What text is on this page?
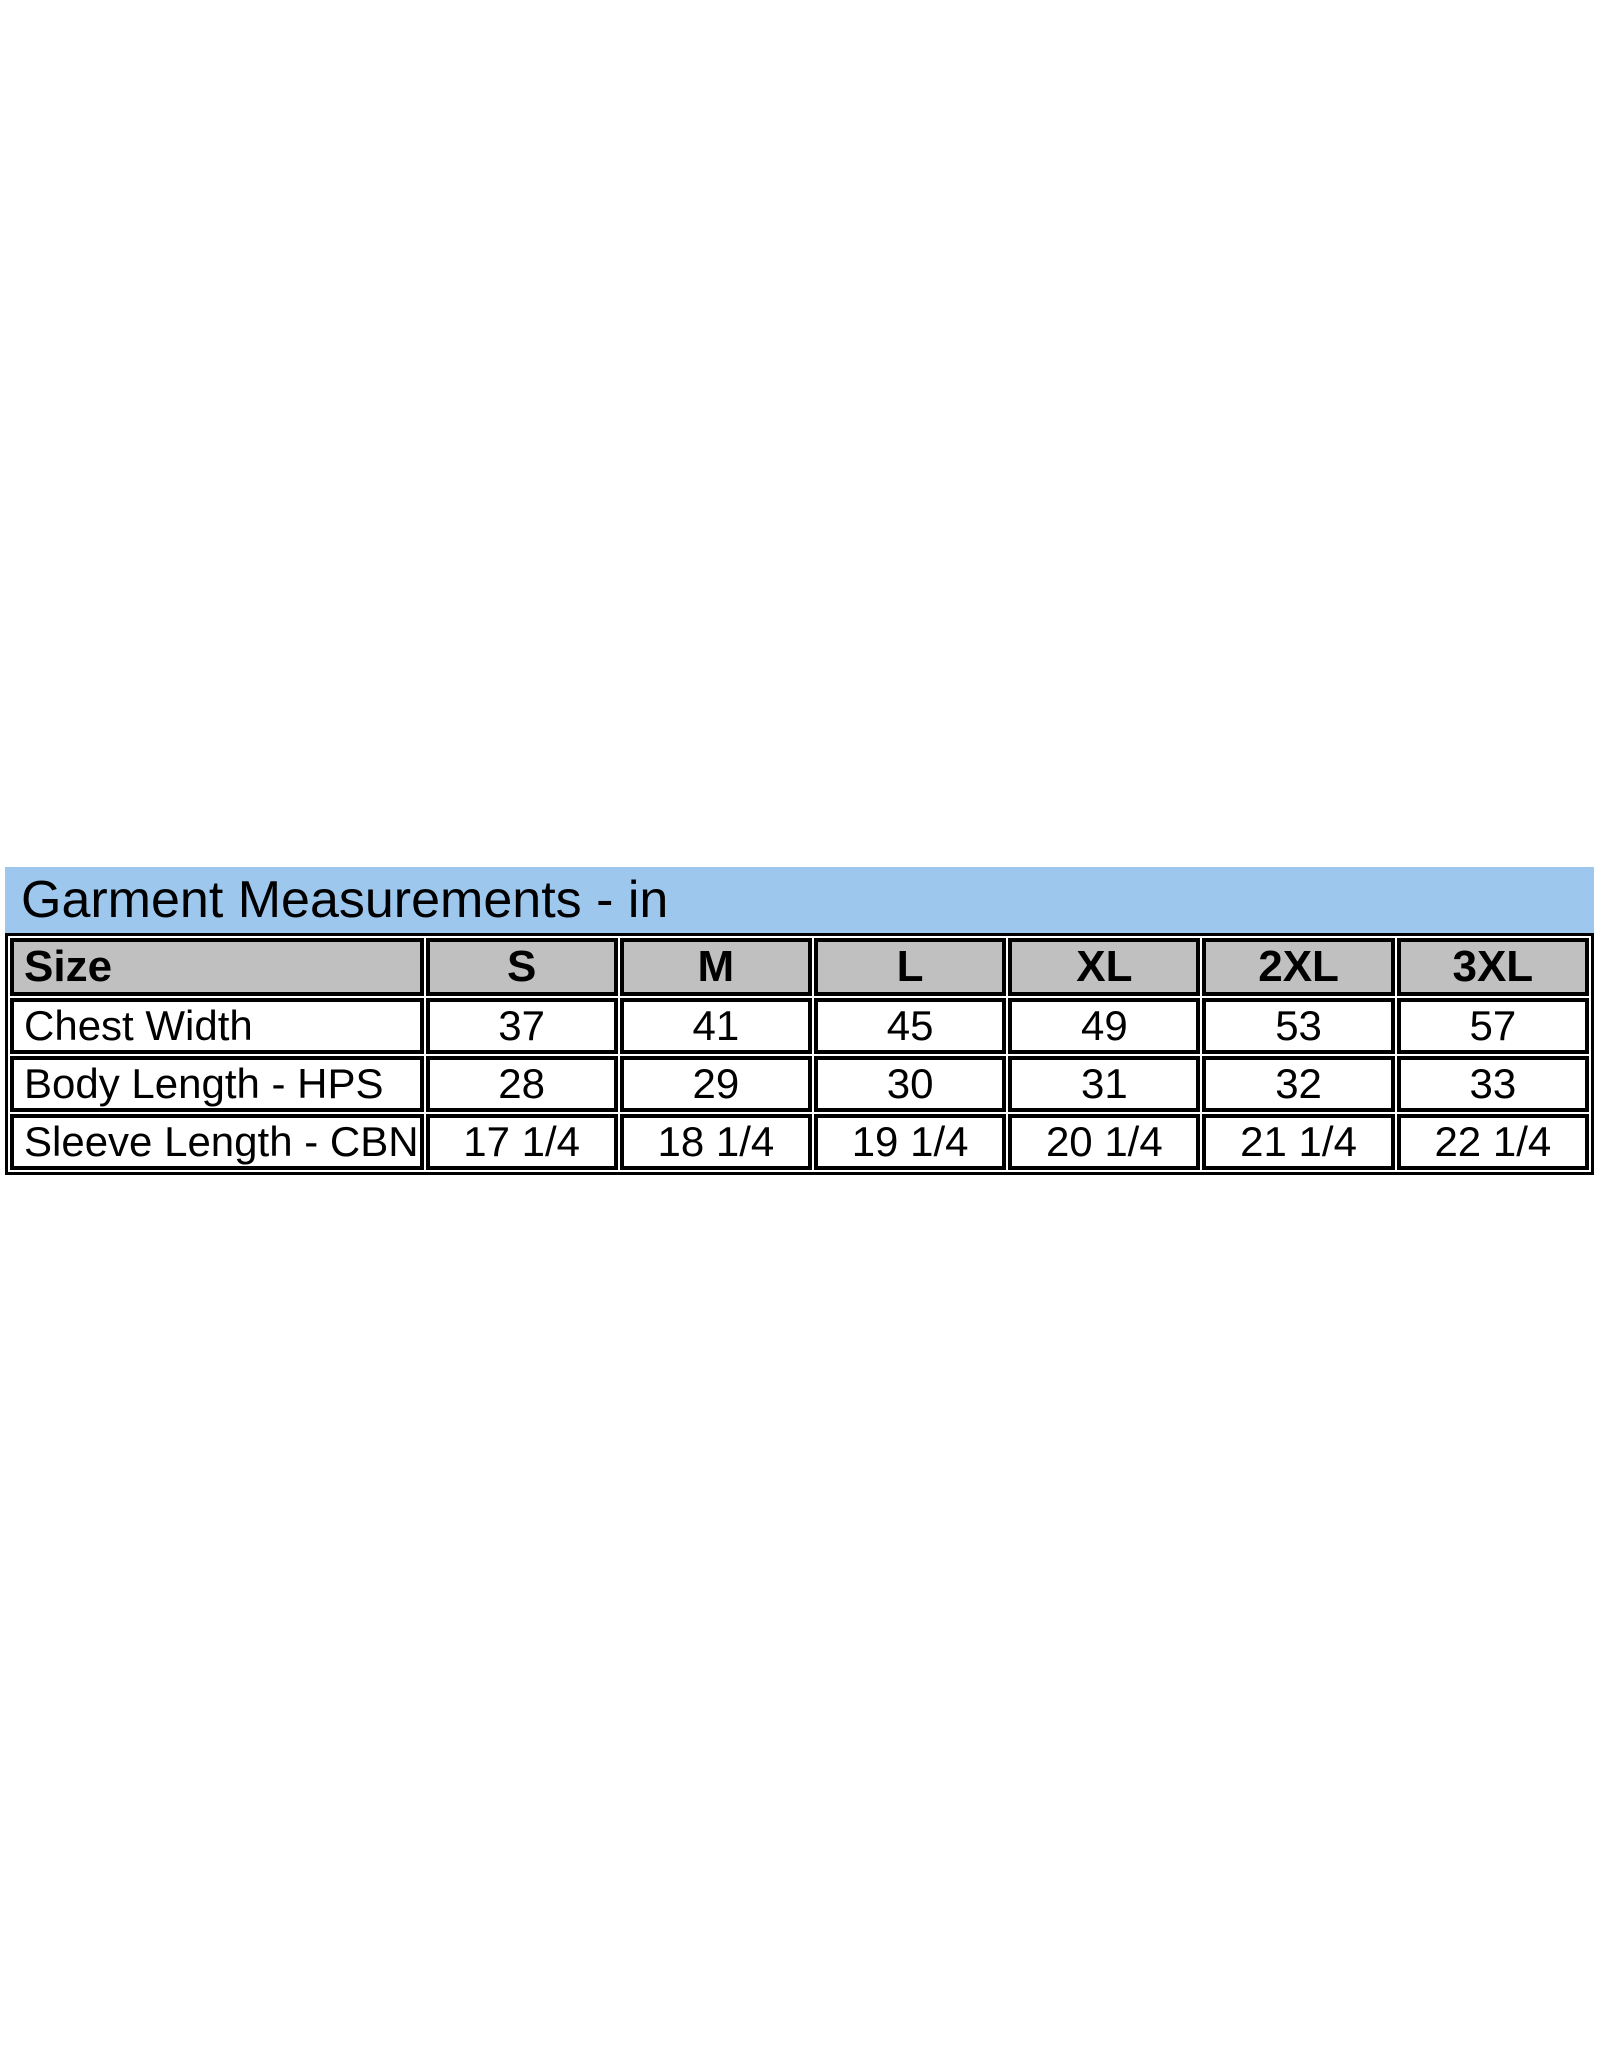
Garment Measurements - in
Size	S	M	L	XL	2XL	3XL
Chest Width	37	41	45	49	53	57
Body Length - HPS	28	29	30	31	32	33
Sleeve Length - CBN	17 1/4	18 1/4	19 1/4	20 1/4	21 1/4	22 1/4
